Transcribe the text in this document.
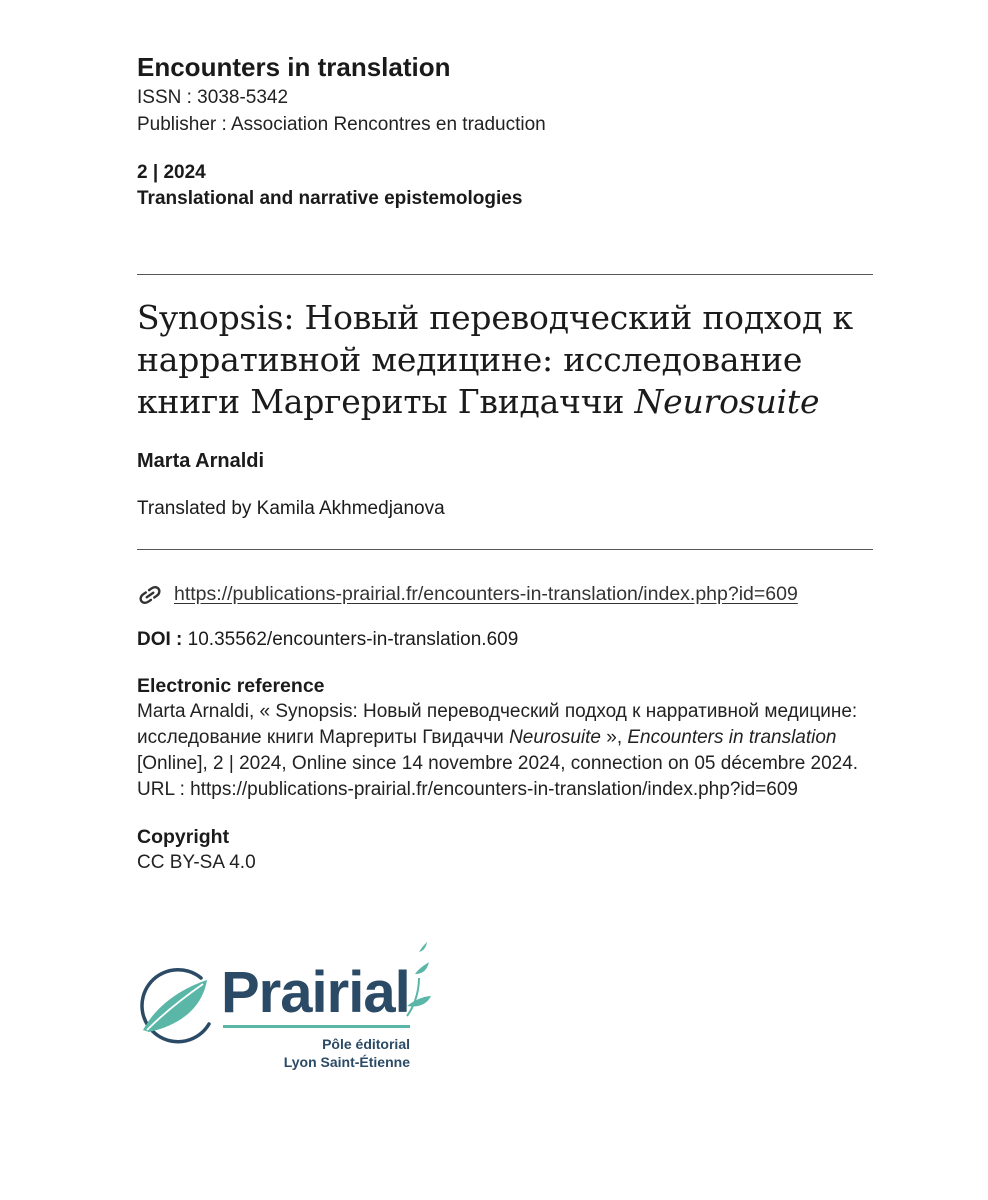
Encounters in translation

ISSN : 3038-5342

Publisher : Association Rencontres en traduction

2 | 2024

Translational and narrative epistemologies

Synopsis: Новый переводческий подход к нарративной медицине: исследование книги Маргериты Гвидаччи Neurosuite

Marta Arnaldi

Translated by Kamila Akhmedjanova

https://publications-prairial.fr/encounters-in-translation/index.php?id=609
DOI : 10.35562/encounters-in-translation.609

Electronic reference

Marta Arnaldi, « Synopsis: Новый переводческий подход к нарративной медицине: исследование книги Маргериты Гвидаччи Neurosuite », Encounters in translation [Online], 2 | 2024, Online since 14 novembre 2024, connection on 05 décembre 2024. URL : https://publications-prairial.fr/encounters-in-translation/index.php?id=609

Copyright

CC BY-SA 4.0

Prairial
Pôle éditorial
Lyon Saint-Étienne
